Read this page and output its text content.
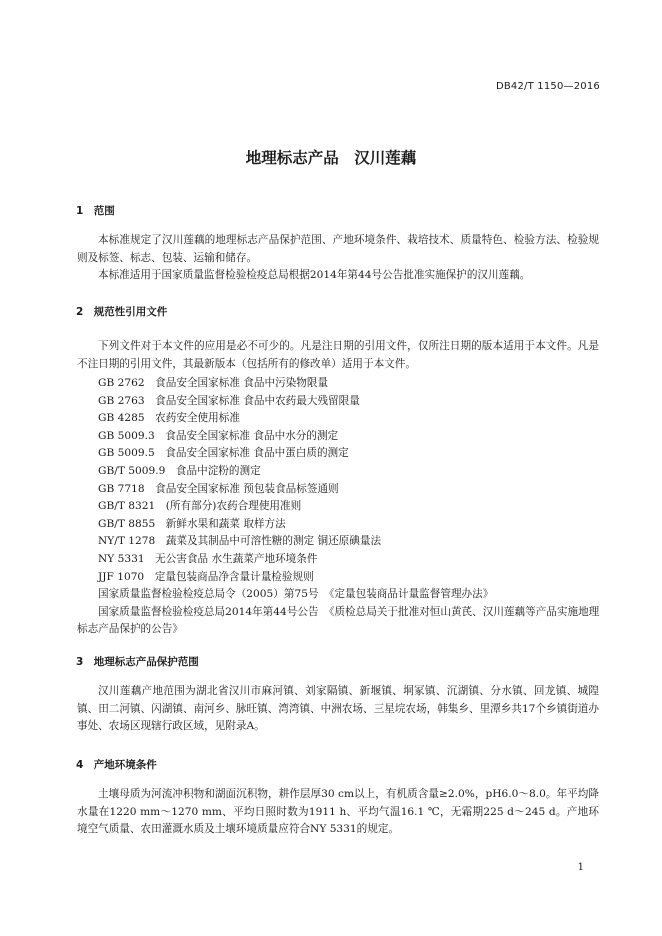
DB42/T 1150—2016
地理标志产品　汉川莲藕
1　范围
本标准规定了汉川莲藕的地理标志产品保护范围、产地环境条件、栽培技术、质量特色、检验方法、检验规则及标签、标志、包装、运输和储存。
本标准适用于国家质量监督检验检疫总局根据2014年第44号公告批准实施保护的汉川莲藕。
2　规范性引用文件
下列文件对于本文件的应用是必不可少的。凡是注日期的引用文件，仅所注日期的版本适用于本文件。凡是不注日期的引用文件，其最新版本（包括所有的修改单）适用于本文件。
GB 2762　食品安全国家标准 食品中污染物限量
GB 2763　食品安全国家标准 食品中农药最大残留限量
GB 4285　农药安全使用标准
GB 5009.3　食品安全国家标准 食品中水分的测定
GB 5009.5　食品安全国家标准 食品中蛋白质的测定
GB/T 5009.9　食品中淀粉的测定
GB 7718　食品安全国家标准 预包装食品标签通则
GB/T 8321　(所有部分)农药合理使用准则
GB/T 8855　新鲜水果和蔬菜 取样方法
NY/T 1278　蔬菜及其制品中可溶性糖的测定 铜还原碘量法
NY 5331　无公害食品 水生蔬菜产地环境条件
JJF 1070　定量包装商品净含量计量检验规则
国家质量监督检验检疫总局令（2005）第75号　《定量包装商品计量监督管理办法》
国家质量监督检验检疫总局2014年第44号公告　《质检总局关于批准对恒山黄芪、汉川莲藕等产品实施地理标志产品保护的公告》
3　地理标志产品保护范围
汉川莲藕产地范围为湖北省汉川市麻河镇、刘家隔镇、新堰镇、垌冢镇、沉湖镇、分水镇、回龙镇、城隍镇、田二河镇、闪湖镇、南河乡、脉旺镇、湾湾镇、中洲农场、三星垸农场，韩集乡、里潭乡共17个乡镇街道办事处、农场区现辖行政区域，见附录A。
4　产地环境条件
土壤母质为河流冲积物和湖面沉积物，耕作层厚30 cm以上，有机质含量≥2.0%，pH6.0～8.0。年平均降水量在1220 mm～1270 mm、平均日照时数为1911 h、平均气温16.1 ℃，无霜期225 d～245 d。产地环境空气质量、农田灌溉水质及土壤环境质量应符合NY 5331的规定。
1
